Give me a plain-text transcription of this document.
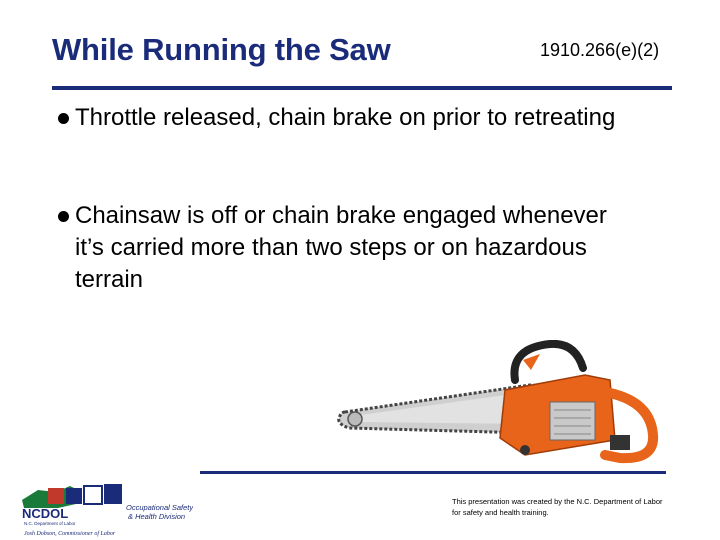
While Running the Saw	1910.266(e)(2)
Throttle released, chain brake on prior to retreating
Chainsaw is off or chain brake engaged whenever it’s carried more than two steps or on hazardous terrain
NCDOL
N.C. Department of Labor
Occupational Safety
& Health Division
Josh Dobson, Commissioner of Labor
This presentation was created by the N.C. Department of Labor for safety and health training.
